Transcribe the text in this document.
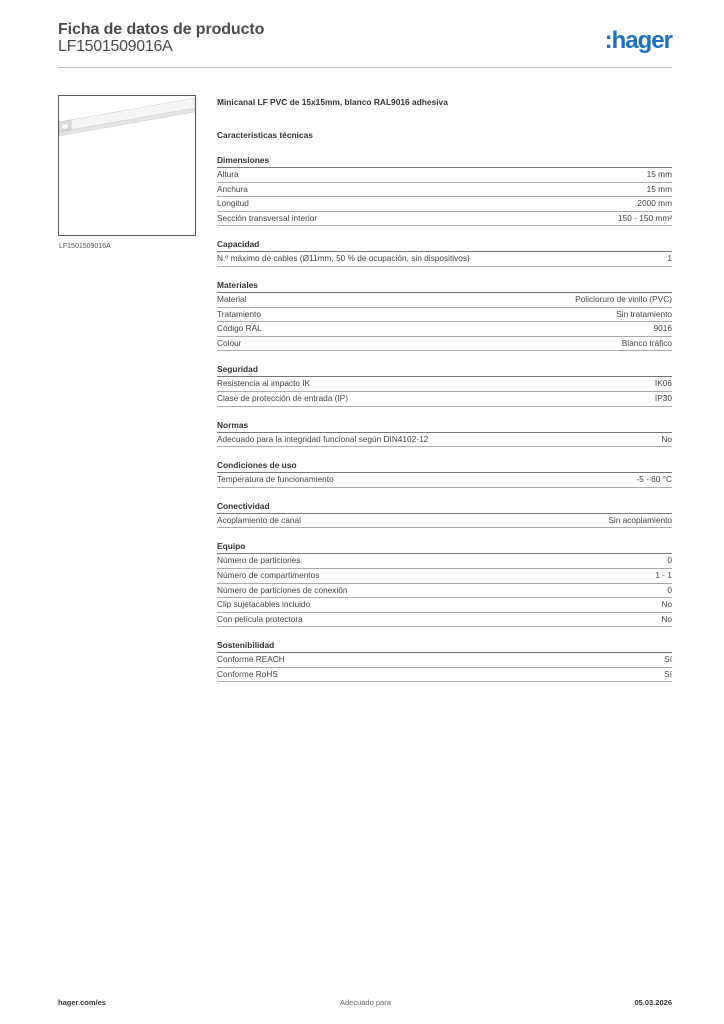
Ficha de datos de producto
LF1501509016A	:hager
LF1501509016A
Minicanal LF PVC de 15x15mm, blanco RAL9016 adhesiva
Características técnicas
Dimensiones
Altura	15 mm
Anchura	15 mm
Longitud	2000 mm
Sección transversal interior	150 - 150 mm²
Capacidad
N.º máximo de cables (Ø11mm, 50 % de ocupación, sin dispositivos)	1
Materiales
Material	Policloruro de vinilo (PVC)
Tratamiento	Sin tratamiento
Código RAL	9016
Colour	Blanco tráfico
Seguridad
Resistencia al impacto IK	IK06
Clase de protección de entrada (IP)	IP30
Normas
Adecuado para la integridad funcional según DIN4102-12	No
Condiciones de uso
Temperatura de funcionamiento	-5 - 60 °C
Conectividad
Acoplamiento de canal	Sin acoplamiento
Equipo
Número de particiones	0
Número de compartimentos	1 - 1
Número de particiones de conexión	0
Clip sujetacables incluido	No
Con película protectora	No
Sostenibilidad
Conforme REACH	Sí
Conforme RoHS	Sí
hager.com/es	Adecuado para	05.03.2026
